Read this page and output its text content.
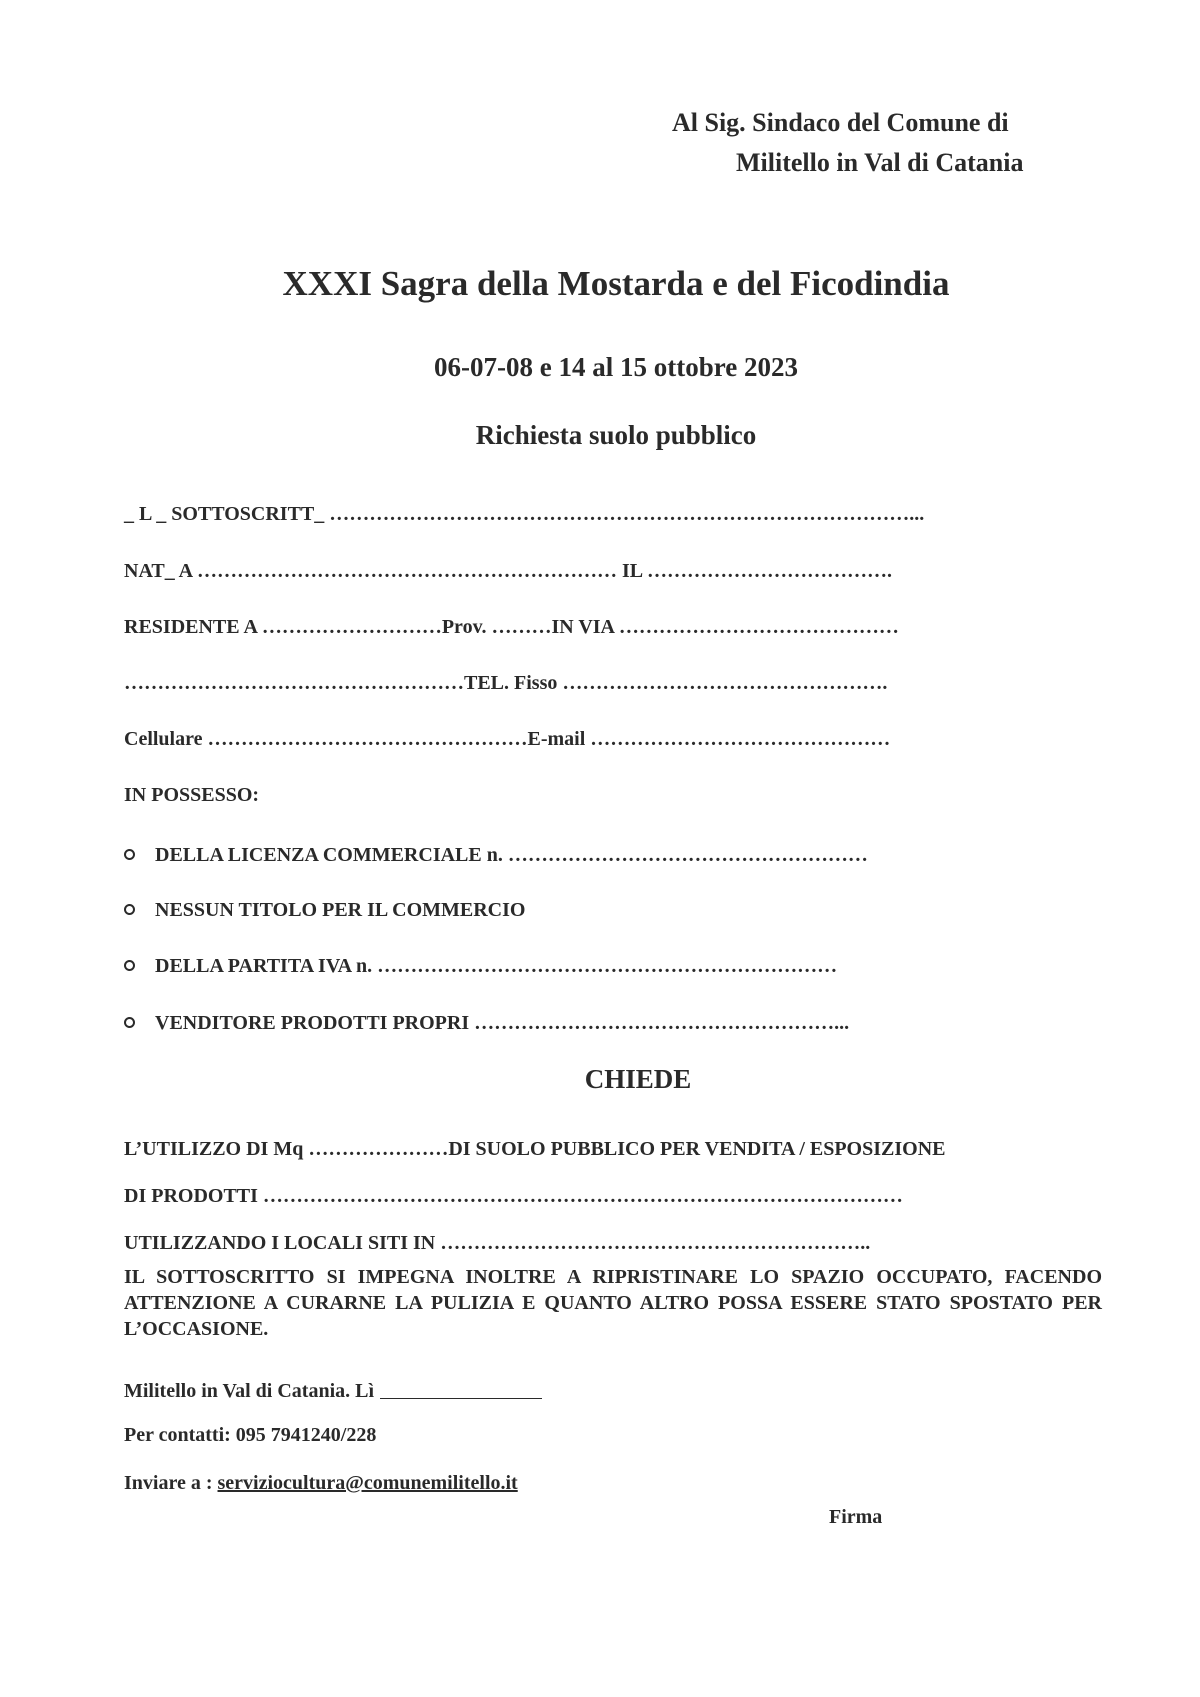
Al Sig. Sindaco del Comune di
Militello in Val di Catania
XXXI Sagra della Mostarda e del Ficodindia
06-07-08 e 14 al 15 ottobre 2023
Richiesta suolo pubblico
_ L _ SOTTOSCRITT_ ……………………………………………………………………………...
NAT_ A ……………………………………………………… IL ……………………………….
RESIDENTE A ………………………Prov. ………IN VIA ……………………………………
……………………………………………TEL. Fisso ………………………………………….
Cellulare …………………………………………E-mail ………………………………………
IN POSSESSO:
DELLA LICENZA COMMERCIALE n. ………………………………………………
NESSUN TITOLO PER IL COMMERCIO
DELLA PARTITA IVA n. ……………………………………………………………
VENDITORE PRODOTTI PROPRI ………………………………………………...
CHIEDE
L’UTILIZZO DI Mq …………………DI SUOLO PUBBLICO PER VENDITA / ESPOSIZIONE
DI PRODOTTI ……………………………………………………………………………………
UTILIZZANDO I LOCALI SITI IN ………………………………………………………..
IL SOTTOSCRITTO SI IMPEGNA INOLTRE A RIPRISTINARE LO SPAZIO OCCUPATO, FACENDO ATTENZIONE A CURARNE LA PULIZIA E QUANTO ALTRO POSSA ESSERE STATO SPOSTATO PER L’OCCASIONE.
Militello in Val di Catania. Lì
Per contatti: 095 7941240/228
Inviare a : serviziocultura@comunemilitello.it
Firma
